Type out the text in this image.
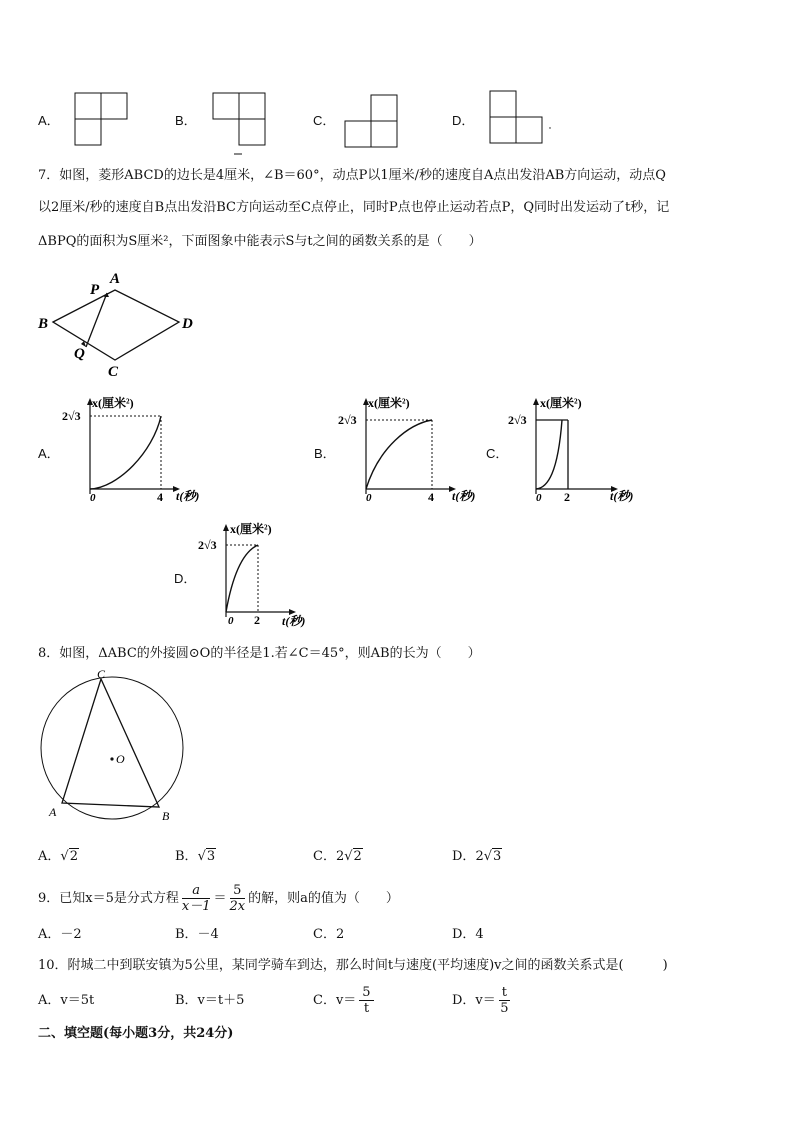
A．	B．	C．	D．
7．如图，菱形ABCD的边长是4厘米，∠B＝60°，动点P以1厘米/秒的速度自A点出发沿AB方向运动，动点Q
以2厘米/秒的速度自B点出发沿BC方向运动至C点停止，同时P点也停止运动若点P，Q同时出发运动了t秒，记
ΔBPQ的面积为S厘米²，下面图象中能表示S与t之间的函数关系的是（　　）
A
P
B	D
Q
C
A．
x(厘米²)
2√3
0	4 t(秒)
B．
x(厘米²)
2√3
0	4 t(秒)
C．
x(厘米²)
2√3
0 2	t(秒)
D．
x(厘米²)
2√3
0 2 t(秒)
8．如图，ΔABC的外接圆⊙O的半径是1.若∠C＝45°，则AB的长为（　　）
C
O
A	B
A．√2	B．√3	C．2√2	D．2√3
9．已知x＝5是分式方程 $\frac{a}{x-1} = \frac{5}{2x}$ 的解，则a的值为（　　）
A．－2	B．－4	C．2	D．4
10．附城二中到联安镇为5公里，某同学骑车到达，那么时间t与速度(平均速度)v之间的函数关系式是(　　　)
A．v＝5t	B．v＝t＋5	C．$v= \frac{5}{t}$	D．$v= \frac{t}{5}$
二、填空题(每小题3分，共24分)
